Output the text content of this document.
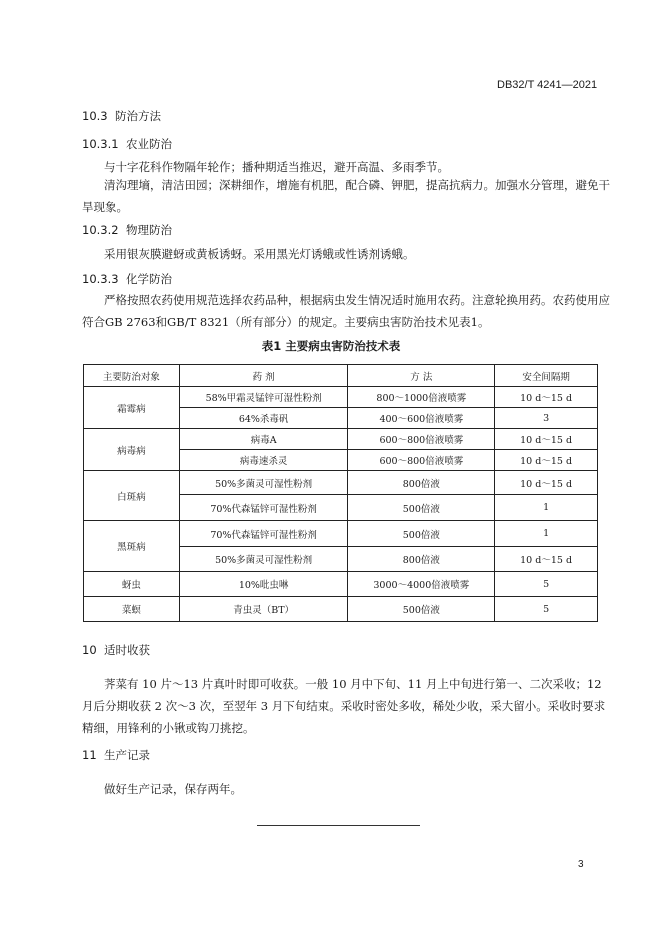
DB32/T 4241—2021
10.3 防治方法
10.3.1 农业防治
与十字花科作物隔年轮作；播种期适当推迟，避开高温、多雨季节。
清沟理墒，清洁田园；深耕细作，增施有机肥，配合磷、钾肥，提高抗病力。加强水分管理，避免干旱现象。
10.3.2 物理防治
采用银灰膜避蚜或黄板诱蚜。采用黑光灯诱蛾或性诱剂诱蛾。
10.3.3 化学防治
严格按照农药使用规范选择农药品种，根据病虫发生情况适时施用农药。注意轮换用药。农药使用应符合GB 2763和GB/T 8321（所有部分）的规定。主要病虫害防治技术见表1。
表1 主要病虫害防治技术表
主要防治对象	药 剂	方 法	安全间隔期
霜霉病	58%甲霜灵锰锌可湿性粉剂	800～1000倍液喷雾	10 d～15 d
	64%杀毒矾	400～600倍液喷雾	3
病毒病	病毒A	600～800倍液喷雾	10 d～15 d
	病毒速杀灵	600～800倍液喷雾	10 d～15 d
白斑病	50%多菌灵可湿性粉剂	800倍液	10 d～15 d
	70%代森锰锌可湿性粉剂	500倍液	1
黑斑病	70%代森锰锌可湿性粉剂	500倍液	1
	50%多菌灵可湿性粉剂	800倍液	10 d～15 d
蚜虫	10%吡虫啉	3000～4000倍液喷雾	5
菜螟	青虫灵（BT）	500倍液	5
10 适时收获
荠菜有 10 片～13 片真叶时即可收获。一般 10 月中下旬、11 月上中旬进行第一、二次采收；12 月后分期收获 2 次～3 次，至翌年 3 月下旬结束。采收时密处多收，稀处少收，采大留小。采收时要求精细，用锋利的小锹或钩刀挑挖。
11 生产记录
做好生产记录，保存两年。
3
